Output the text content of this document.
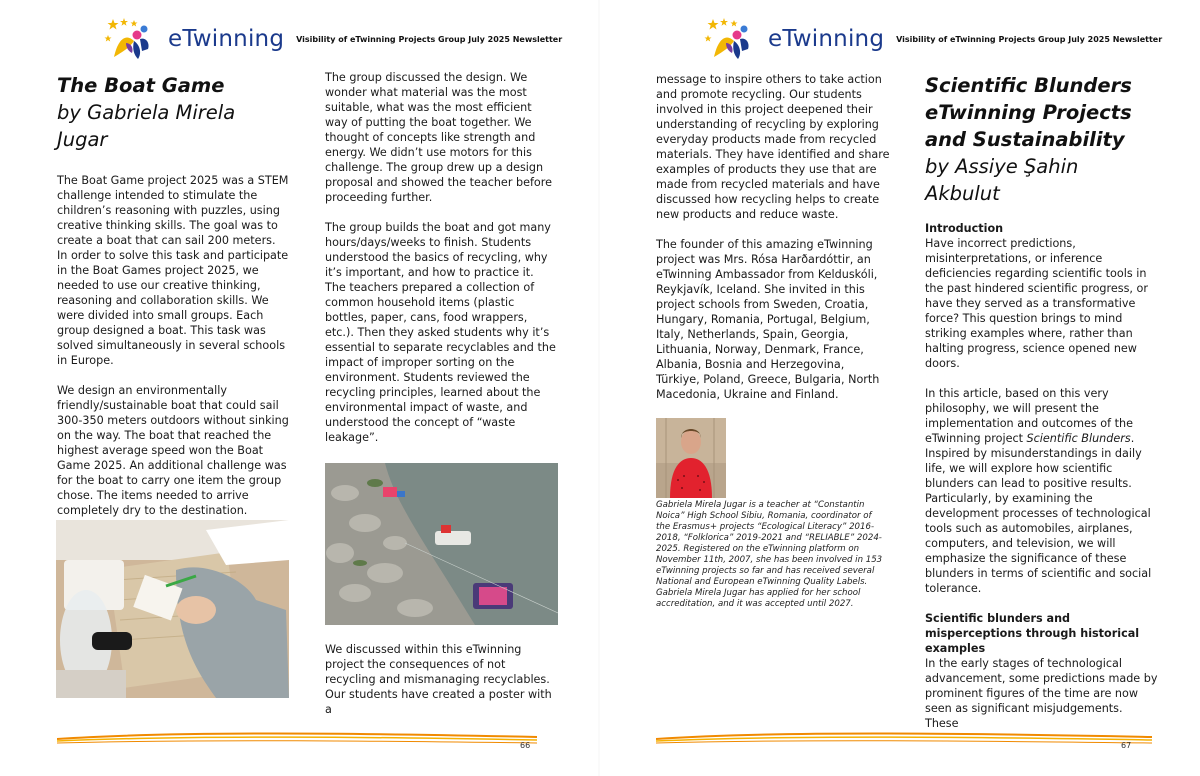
eTwinning Visibility of eTwinning Projects Group July 2025 Newsletter
The Boat Game
by Gabriela Mirela Jugar

The Boat Game project 2025 was a STEM challenge intended to stimulate the children’s reasoning with puzzles, using creative thinking skills. The goal was to create a boat that can sail 200 meters. In order to solve this task and participate in the Boat Games project 2025, we needed to use our creative thinking, reasoning and collaboration skills. We were divided into small groups. Each group designed a boat. This task was solved simultaneously in several schools in Europe.

We design an environmentally friendly/sustainable boat that could sail 300-350 meters outdoors without sinking on the way. The boat that reached the highest average speed won the Boat Game 2025. An additional challenge was for the boat to carry one item the group chose. The items needed to arrive completely dry to the destination.

The group discussed the design. We wonder what material was the most suitable, what was the most efficient way of putting the boat together. We thought of concepts like strength and energy. We didn’t use motors for this challenge. The group drew up a design proposal and showed the teacher before proceeding further.

The group builds the boat and got many hours/days/weeks to finish. Students understood the basics of recycling, why it’s important, and how to practice it. The teachers prepared a collection of common household items (plastic bottles, paper, cans, food wrappers, etc.). Then they asked students why it’s essential to separate recyclables and the impact of improper sorting on the environment. Students reviewed the recycling principles, learned about the environmental impact of waste, and understood the concept of “waste leakage”.

We discussed within this eTwinning project the consequences of not recycling and mismanaging recyclables. Our students have created a poster with a

66
eTwinning Visibility of eTwinning Projects Group July 2025 Newsletter

message to inspire others to take action and promote recycling. Our students involved in this project deepened their understanding of recycling by exploring everyday products made from recycled materials. They have identified and share examples of products they use that are made from recycled materials and have discussed how recycling helps to create new products and reduce waste.

The founder of this amazing eTwinning project was Mrs. Rósa Harðardóttir, an eTwinning Ambassador from Kelduskóli, Reykjavík, Iceland. She invited in this project schools from Sweden, Croatia, Hungary, Romania, Portugal, Belgium, Italy, Netherlands, Spain, Georgia, Lithuania, Norway, Denmark, France, Albania, Bosnia and Herzegovina, Türkiye, Poland, Greece, Bulgaria, North Macedonia, Ukraine and Finland.

Gabriela Mirela Jugar is a teacher at “Constantin Noica” High School Sibiu, Romania, coordinator of the Erasmus+ projects “Ecological Literacy” 2016-2018, “Folklorica” 2019-2021 and “RELIABLE” 2024-2025. Registered on the eTwinning platform on November 11th, 2007, she has been involved in 153 eTwinning projects so far and has received several National and European eTwinning Quality Labels. Gabriela Mirela Jugar has applied for her school accreditation, and it was accepted until 2027.
Scientific Blunders eTwinning Projects and Sustainability
by Assiye Şahin Akbulut
Introduction

Have incorrect predictions, misinterpretations, or inference deficiencies regarding scientific tools in the past hindered scientific progress, or have they served as a transformative force? This question brings to mind striking examples where, rather than halting progress, science opened new doors.

In this article, based on this very philosophy, we will present the implementation and outcomes of the eTwinning project Scientific Blunders. Inspired by misunderstandings in daily life, we will explore how scientific blunders can lead to positive results. Particularly, by examining the development processes of technological tools such as automobiles, airplanes, computers, and television, we will emphasize the significance of these blunders in terms of scientific and social tolerance.

Scientific blunders and misperceptions through historical examples

In the early stages of technological advancement, some predictions made by prominent figures of the time are now seen as significant misjudgements. These

67
